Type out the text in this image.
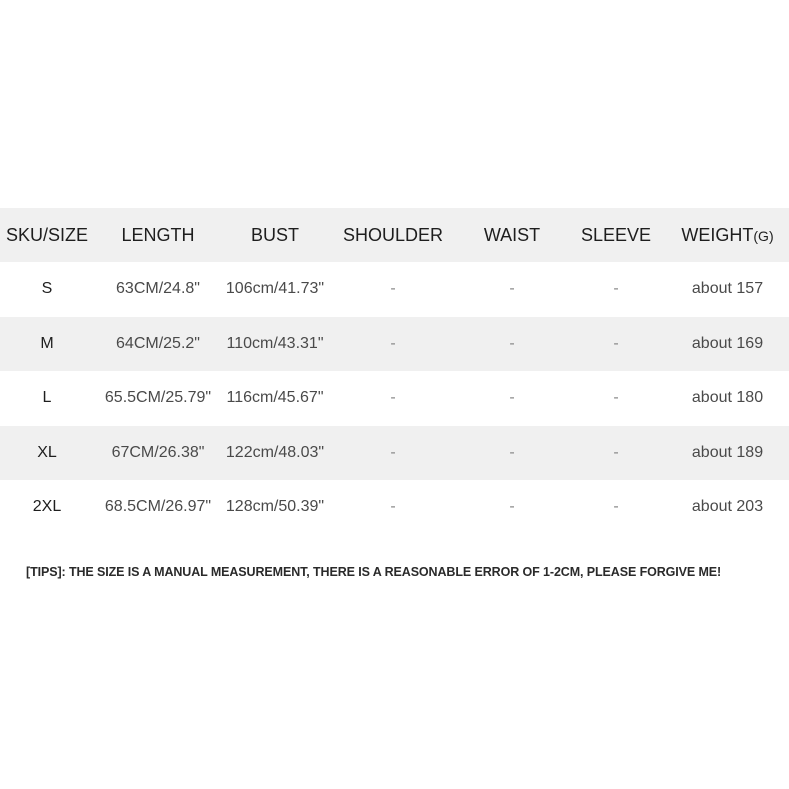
SKU/SIZE	LENGTH	BUST	SHOULDER	WAIST	SLEEVE	WEIGHT(G)
S	63CM/24.8"	106cm/41.73"	-	-	-	about 157
M	64CM/25.2"	110cm/43.31"	-	-	-	about 169
L	65.5CM/25.79"	116cm/45.67"	-	-	-	about 180
XL	67CM/26.38"	122cm/48.03"	-	-	-	about 189
2XL	68.5CM/26.97"	128cm/50.39"	-	-	-	about 203
[TIPS]: THE SIZE IS A MANUAL MEASUREMENT, THERE IS A REASONABLE ERROR OF 1-2CM, PLEASE FORGIVE ME!
